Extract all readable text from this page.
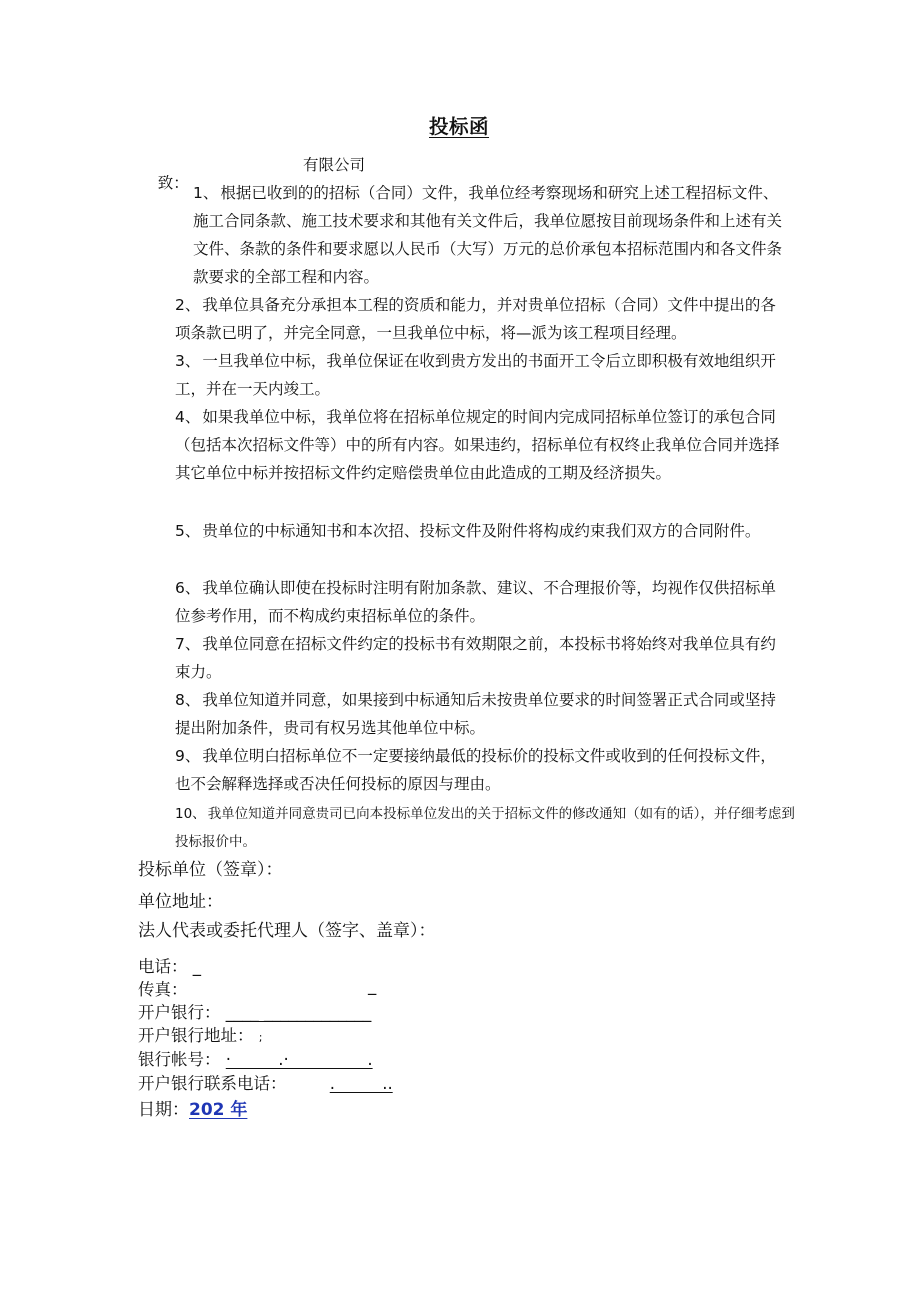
投标函

致：

有限公司

1、 根据已收到的的招标（合同）文件，我单位经考察现场和研究上述工程招标文件、施工合同条款、施工技术要求和其他有关文件后，我单位愿按目前现场条件和上述有关文件、条款的条件和要求愿以人民币（大写）万元的总价承包本招标范围内和各文件条款要求的全部工程和内容。
2、 我单位具备充分承担本工程的资质和能力，并对贵单位招标（合同）文件中提出的各项条款已明了，并完全同意，一旦我单位中标，将—派为该工程项目经理。
3、 一旦我单位中标，我单位保证在收到贵方发出的书面开工令后立即积极有效地组织开工，并在一天内竣工。
4、 如果我单位中标，我单位将在招标单位规定的时间内完成同招标单位签订的承包合同（包括本次招标文件等）中的所有内容。如果违约，招标单位有权终止我单位合同并选择其它单位中标并按招标文件约定赔偿贵单位由此造成的工期及经济损失。
5、 贵单位的中标通知书和本次招、投标文件及附件将构成约束我们双方的合同附件。
6、 我单位确认即使在投标时注明有附加条款、建议、不合理报价等，均视作仅供招标单位参考作用，而不构成约束招标单位的条件。
7、 我单位同意在招标文件约定的投标书有效期限之前，本投标书将始终对我单位具有约束力。
8、 我单位知道并同意，如果接到中标通知后未按贵单位要求的时间签署正式合同或坚持提出附加条件，贵司有权另选其他单位中标。
9、 我单位明白招标单位不一定要接纳最低的投标价的投标文件或收到的任何投标文件，也不会解释选择或否决任何投标的原因与理由。
10、 我单位知道并同意贵司已向本投标单位发出的关于招标文件的修改通知（如有的话），并仔细考虑到投标报价中。
投标单位（签章）：
单位地址：
法人代表或委托代理人（签字、盖章）：
电话： _
传真：	_
开户银行： ____ _____________
开户银行地址： ;
银行帐号： ·         .·               .
开户银行联系电话：	.         ..
日期：202 年
